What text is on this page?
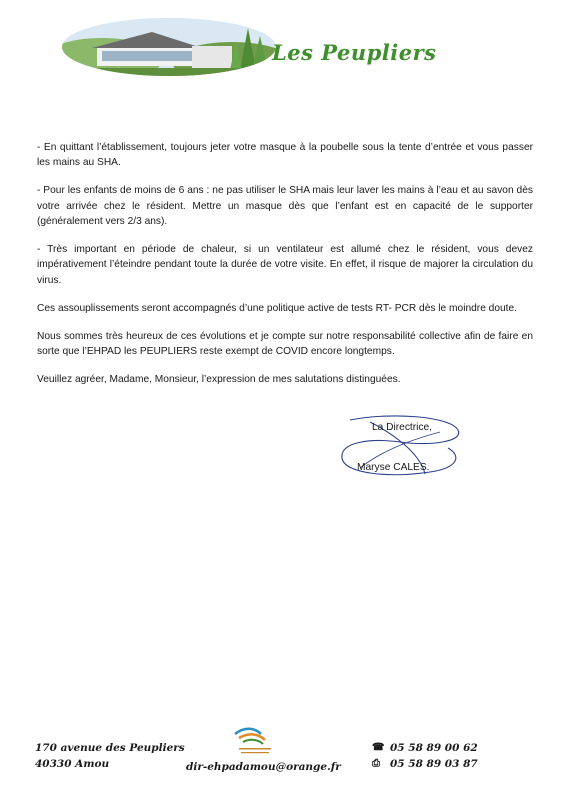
Les Peupliers

- En quittant l’établissement, toujours jeter votre masque à la poubelle sous la tente d’entrée et vous passer les mains au SHA.

- Pour les enfants de moins de 6 ans : ne pas utiliser le SHA mais leur laver les mains à l’eau et au savon dès votre arrivée chez le résident. Mettre un masque dès que l’enfant est en capacité de le supporter (généralement vers 2/3 ans).

- Très important en période de chaleur, si un ventilateur est allumé chez le résident, vous devez impérativement l’éteindre pendant toute la durée de votre visite. En effet, il risque de majorer la circulation du virus.

Ces assouplissements seront accompagnés d’une politique active de tests RT- PCR dès le moindre doute.

Nous sommes très heureux de ces évolutions et je compte sur notre responsabilité collective afin de faire en sorte que l’EHPAD les PEUPLIERS reste exempt de COVID encore longtemps.

Veuillez agréer, Madame, Monsieur, l’expression de mes salutations distinguées.

La Directrice,
Maryse CALES.
170 avenue des Peupliers
40330 Amou	dir-ehpadamou@orange.fr
☎ 05 58 89 00 62
⎙ 05 58 89 03 87
